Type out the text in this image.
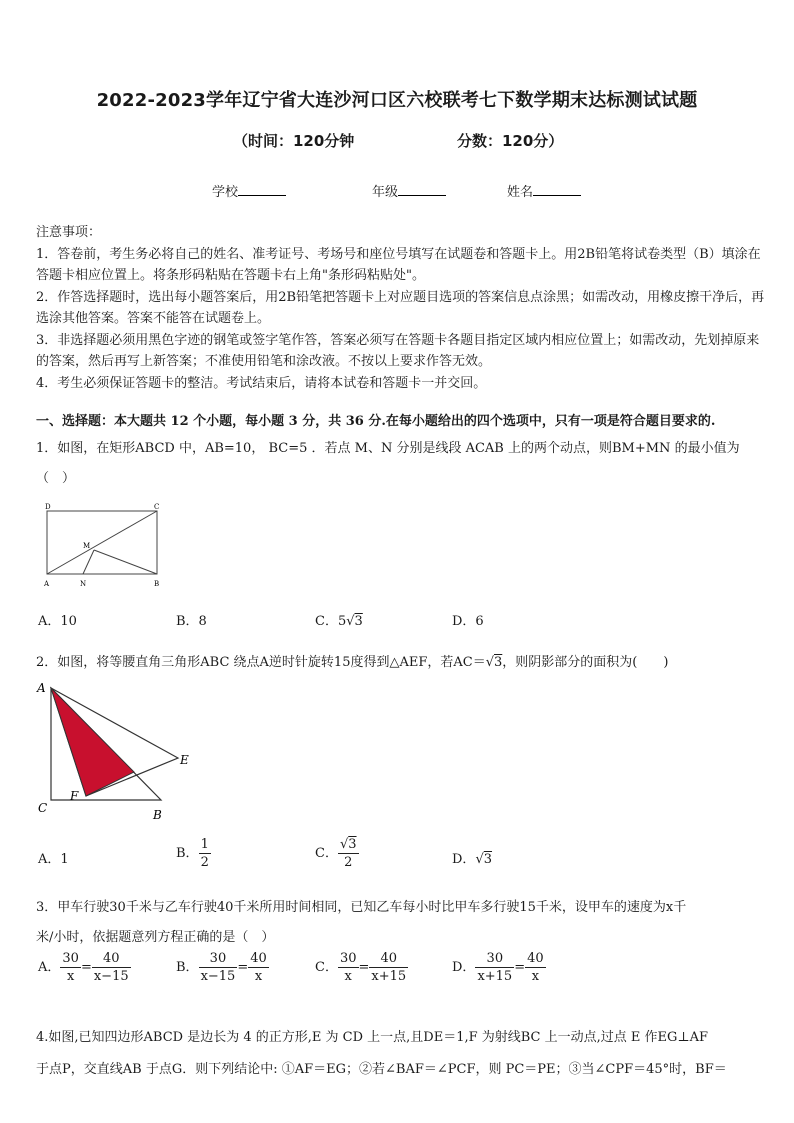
2022-2023学年辽宁省大连沙河口区六校联考七下数学期末达标测试试题
（时间：120分钟	分数：120分）
学校	年级	姓名
注意事项：
1．答卷前，考生务必将自己的姓名、准考证号、考场号和座位号填写在试题卷和答题卡上。用2B铅笔将试卷类型（B）填涂在答题卡相应位置上。将条形码粘贴在答题卡右上角"条形码粘贴处"。
2．作答选择题时，选出每小题答案后，用2B铅笔把答题卡上对应题目选项的答案信息点涂黑；如需改动，用橡皮擦干净后，再选涂其他答案。答案不能答在试题卷上。
3．非选择题必须用黑色字迹的钢笔或签字笔作答，答案必须写在答题卡各题目指定区域内相应位置上；如需改动，先划掉原来的答案，然后再写上新答案；不准使用铅笔和涂改液。不按以上要求作答无效。
4．考生必须保证答题卡的整洁。考试结束后，请将本试卷和答题卡一并交回。
一、选择题：本大题共 12 个小题，每小题 3 分，共 36 分.在每小题给出的四个选项中，只有一项是符合题目要求的.
1．如图，在矩形ABCD 中，AB=10， BC=5 ．若点 M、N 分别是线段 ACAB 上的两个动点，则BM+MN 的最小值为
（　）
D	C
M
A	N	B
A．10	B．8	C．5√3	D．6
2．如图，将等腰直角三角形ABC 绕点A逆时针旋转15度得到△AEF，若AC＝√3，则阴影部分的面积为(　　)
A
E
F
C	B
A．1	B． $\frac{1}{2}$	C． $\frac{√3}{2}$	D．√3
3．甲车行驶30千米与乙车行驶40千米所用时间相同，已知乙车每小时比甲车多行驶15千米，设甲车的速度为x千
米/小时，依据题意列方程正确的是（　）
A． $\frac{30}{x} = \frac{40}{x-15}$	B． $\frac{30}{x-15} = \frac{40}{x}$	C． $\frac{30}{x} = \frac{40}{x+15}$	D． $\frac{30}{x+15} = \frac{40}{x}$
4.如图,已知四边形ABCD 是边长为 4 的正方形,E 为 CD 上一点,且DE＝1,F 为射线BC 上一动点,过点 E 作EG⊥AF
于点P，交直线AB 于点G．则下列结论中: ①AF＝EG；②若∠BAF＝∠PCF，则 PC＝PE；③当∠CPF＝45°时，BF＝
